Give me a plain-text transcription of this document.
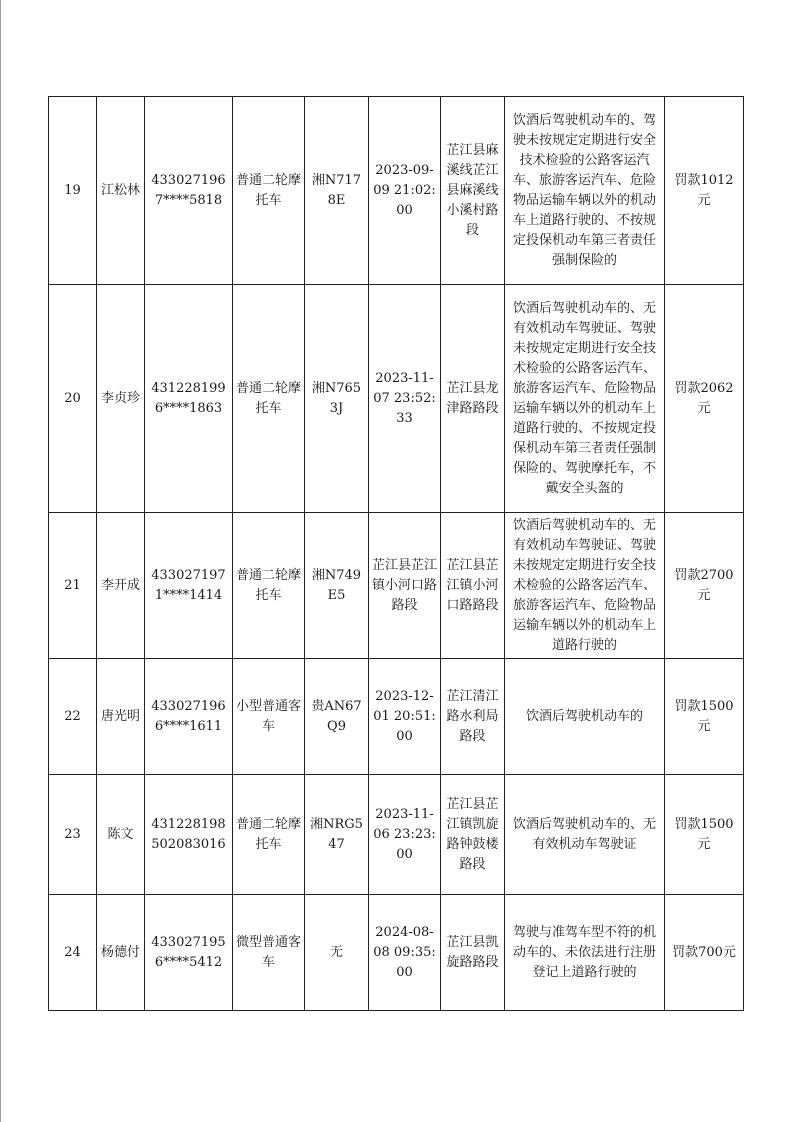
19	江松林	4330271967****5818	普通二轮摩托车	湘N7178E	2023-09-09 21:02:00	芷江县麻溪线芷江县麻溪线小溪村路段	饮酒后驾驶机动车的、驾驶未按规定定期进行安全技术检验的公路客运汽车、旅游客运汽车、危险物品运输车辆以外的机动车上道路行驶的、不按规定投保机动车第三者责任强制保险的	罚款1012元
20	李贞珍	4312281996****1863	普通二轮摩托车	湘N7653J	2023-11-07 23:52:33	芷江县龙津路路段	饮酒后驾驶机动车的、无有效机动车驾驶证、驾驶未按规定定期进行安全技术检验的公路客运汽车、旅游客运汽车、危险物品运输车辆以外的机动车上道路行驶的、不按规定投保机动车第三者责任强制保险的、驾驶摩托车，不戴安全头盔的	罚款2062元
21	李开成	4330271971****1414	普通二轮摩托车	湘N749E5	芷江县芷江镇小河口路路段	芷江县芷江镇小河口路路段	饮酒后驾驶机动车的、无有效机动车驾驶证、驾驶未按规定定期进行安全技术检验的公路客运汽车、旅游客运汽车、危险物品运输车辆以外的机动车上道路行驶的	罚款2700元
22	唐光明	4330271966****1611	小型普通客车	贵AN67Q9	2023-12-01 20:51:00	芷江清江路水利局路段	饮酒后驾驶机动车的	罚款1500元
23	陈文	431228198502083016	普通二轮摩托车	湘NRG547	2023-11-06 23:23:00	芷江县芷江镇凯旋路钟鼓楼路段	饮酒后驾驶机动车的、无有效机动车驾驶证	罚款1500元
24	杨德付	4330271956****5412	微型普通客车	无	2024-08-08 09:35:00	芷江县凯旋路路段	驾驶与准驾车型不符的机动车的、未依法进行注册登记上道路行驶的	罚款700元
